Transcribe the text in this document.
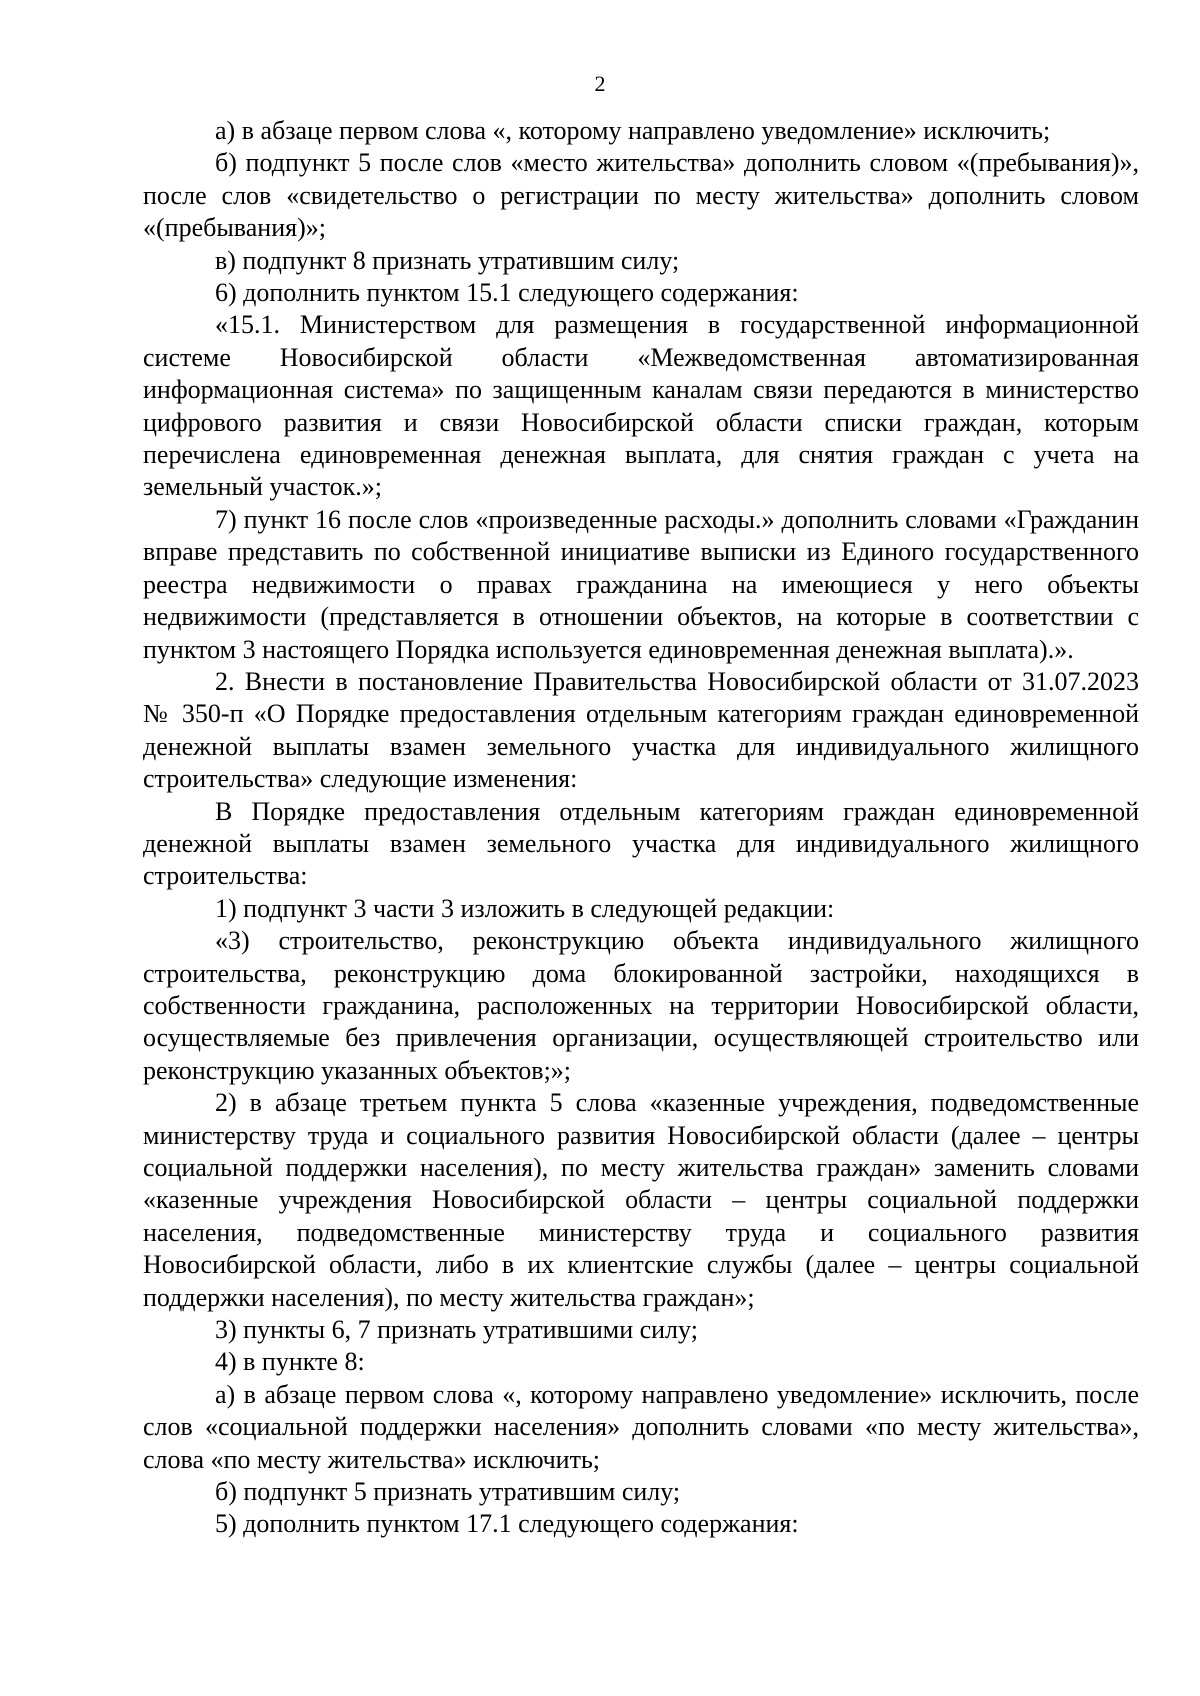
2

а) в абзаце первом слова «, которому направлено уведомление» исключить;

б) подпункт 5 после слов «место жительства» дополнить словом «(пребывания)», после слов «свидетельство о регистрации по месту жительства» дополнить словом «(пребывания)»;

в) подпункт 8 признать утратившим силу;

6) дополнить пунктом 15.1 следующего содержания:

«15.1. Министерством для размещения в государственной информационной системе Новосибирской области «Межведомственная автоматизированная информационная система» по защищенным каналам связи передаются в министерство цифрового развития и связи Новосибирской области списки граждан, которым перечислена единовременная денежная выплата, для снятия граждан с учета на земельный участок.»;

7) пункт 16 после слов «произведенные расходы.» дополнить словами «Гражданин вправе представить по собственной инициативе выписки из Единого государственного реестра недвижимости о правах гражданина на имеющиеся у него объекты недвижимости (представляется в отношении объектов, на которые в соответствии с пунктом 3 настоящего Порядка используется единовременная денежная выплата).».

2. Внести в постановление Правительства Новосибирской области от 31.07.2023 № 350-п «О Порядке предоставления отдельным категориям граждан единовременной денежной выплаты взамен земельного участка для индивидуального жилищного строительства» следующие изменения:

В Порядке предоставления отдельным категориям граждан единовременной денежной выплаты взамен земельного участка для индивидуального жилищного строительства:

1) подпункт 3 части 3 изложить в следующей редакции:

«3) строительство, реконструкцию объекта индивидуального жилищного строительства, реконструкцию дома блокированной застройки, находящихся в собственности гражданина, расположенных на территории Новосибирской области, осуществляемые без привлечения организации, осуществляющей строительство или реконструкцию указанных объектов;»;

2) в абзаце третьем пункта 5 слова «казенные учреждения, подведомственные министерству труда и социального развития Новосибирской области (далее – центры социальной поддержки населения), по месту жительства граждан» заменить словами «казенные учреждения Новосибирской области – центры социальной поддержки населения, подведомственные министерству труда и социального развития Новосибирской области, либо в их клиентские службы (далее – центры социальной поддержки населения), по месту жительства граждан»;

3) пункты 6, 7 признать утратившими силу;

4) в пункте 8:

а) в абзаце первом слова «, которому направлено уведомление» исключить, после слов «социальной поддержки населения» дополнить словами «по месту жительства», слова «по месту жительства» исключить;

б) подпункт 5 признать утратившим силу;

5) дополнить пунктом 17.1 следующего содержания:
